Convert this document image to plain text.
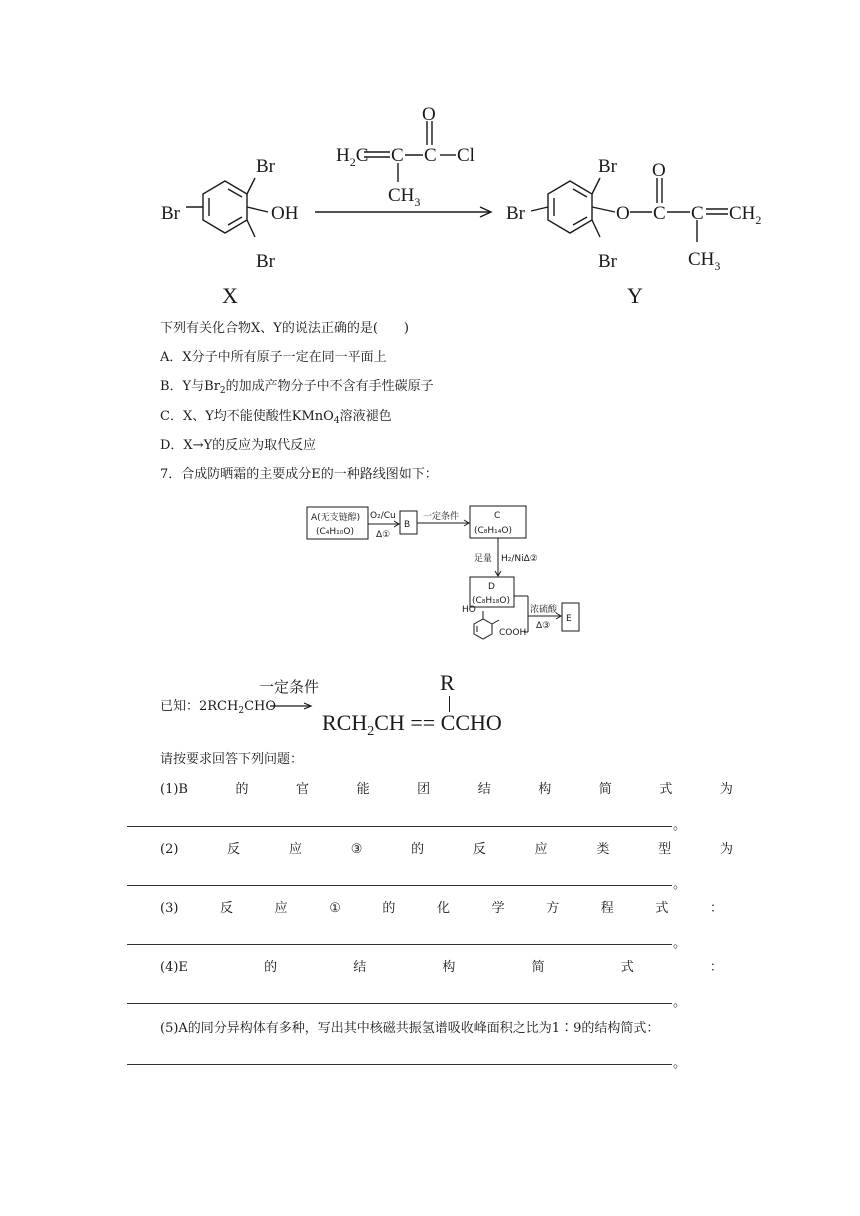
O
$H_2C$ C C Cl
$CH_3$
Br
Br
Br
OH
X
Br
Br
Br
O
O
C C $CH_2$
$CH_3$
Y
下列有关化合物X、Y的说法正确的是(　　)
A．X分子中所有原子一定在同一平面上
B．Y与$Br_2$的加成产物分子中不含有手性碳原子
C．X、Y均不能使酸性KMnO$_4$溶液褪色
D．X→Y的反应为取代反应
7．合成防晒霜的主要成分E的一种路线图如下：
A(无支链醇)
(C₄H₁₀O)
O₂/Cu
Δ①
B
一定条件	C
(C₈H₁₄O)
足量 H₂/NiΔ②
D
(C₈H₁₈O)
浓硫酸
Δ③
E
HO
COOH
已知：$2RCH_2CHO$
一定条件	R
$RCH_2CH$ == CCHO
请按要求回答下列问题：
(1)B	的	官	能	团	结	构	简	式	为
。
(2)	反	应	③	的	反	应	类	型	为
。
(3)	反	应	①	的	化	学	方	程	式	：
。
(4)E	的	结	构	简	式	：
。
(5)A的同分异构体有多种，写出其中核磁共振氢谱吸收峰面积之比为1∶9的结构简式：
。
